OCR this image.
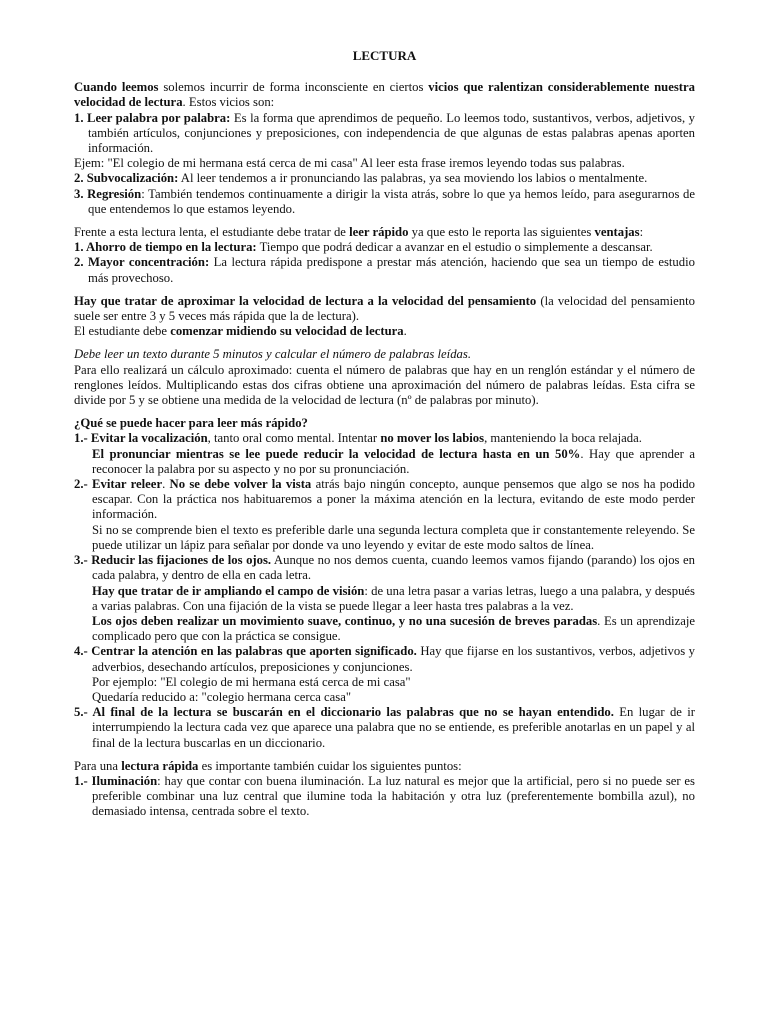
LECTURA

Cuando leemos solemos incurrir de forma inconsciente en ciertos vicios que ralentizan considerablemente nuestra velocidad de lectura. Estos vicios son:

1. Leer palabra por palabra: Es la forma que aprendimos de pequeño. Lo leemos todo, sustantivos, verbos, adjetivos, y también artículos, conjunciones y preposiciones, con independencia de que algunas de estas palabras apenas aporten información.

Ejem: "El colegio de mi hermana está cerca de mi casa" Al leer esta frase iremos leyendo todas sus palabras.

2. Subvocalización: Al leer tendemos a ir pronunciando las palabras, ya sea moviendo los labios o mentalmente.

3. Regresión: También tendemos continuamente a dirigir la vista atrás, sobre lo que ya hemos leído, para asegurarnos de que entendemos lo que estamos leyendo.

Frente a esta lectura lenta, el estudiante debe tratar de leer rápido ya que esto le reporta las siguientes ventajas:

1. Ahorro de tiempo en la lectura: Tiempo que podrá dedicar a avanzar en el estudio o simplemente a descansar.

2. Mayor concentración: La lectura rápida predispone a prestar más atención, haciendo que sea un tiempo de estudio más provechoso.

Hay que tratar de aproximar la velocidad de lectura a la velocidad del pensamiento (la velocidad del pensamiento suele ser entre 3 y 5 veces más rápida que la de lectura).

El estudiante debe comenzar midiendo su velocidad de lectura.

Debe leer un texto durante 5 minutos y calcular el número de palabras leídas.

Para ello realizará un cálculo aproximado: cuenta el número de palabras que hay en un renglón estándar y el número de renglones leídos. Multiplicando estas dos cifras obtiene una aproximación del número de palabras leídas. Esta cifra se divide por 5 y se obtiene una medida de la velocidad de lectura (nº de palabras por minuto).

¿Qué se puede hacer para leer más rápido?

1.- Evitar la vocalización, tanto oral como mental. Intentar no mover los labios, manteniendo la boca relajada.

El pronunciar mientras se lee puede reducir la velocidad de lectura hasta en un 50%. Hay que aprender a reconocer la palabra por su aspecto y no por su pronunciación.

2.- Evitar releer. No se debe volver la vista atrás bajo ningún concepto, aunque pensemos que algo se nos ha podido escapar. Con la práctica nos habituaremos a poner la máxima atención en la lectura, evitando de este modo perder información.

Si no se comprende bien el texto es preferible darle una segunda lectura completa que ir constantemente releyendo. Se puede utilizar un lápiz para señalar por donde va uno leyendo y evitar de este modo saltos de línea.

3.- Reducir las fijaciones de los ojos. Aunque no nos demos cuenta, cuando leemos vamos fijando (parando) los ojos en cada palabra, y dentro de ella en cada letra.

Hay que tratar de ir ampliando el campo de visión: de una letra pasar a varias letras, luego a una palabra, y después a varias palabras. Con una fijación de la vista se puede llegar a leer hasta tres palabras a la vez.

Los ojos deben realizar un movimiento suave, continuo, y no una sucesión de breves paradas. Es un aprendizaje complicado pero que con la práctica se consigue.

4.- Centrar la atención en las palabras que aporten significado. Hay que fijarse en los sustantivos, verbos, adjetivos y adverbios, desechando artículos, preposiciones y conjunciones.

Por ejemplo: "El colegio de mi hermana está cerca de mi casa"

Quedaría reducido a: "colegio hermana cerca casa"

5.- Al final de la lectura se buscarán en el diccionario las palabras que no se hayan entendido. En lugar de ir interrumpiendo la lectura cada vez que aparece una palabra que no se entiende, es preferible anotarlas en un papel y al final de la lectura buscarlas en un diccionario.

Para una lectura rápida es importante también cuidar los siguientes puntos:

1.- Iluminación: hay que contar con buena iluminación. La luz natural es mejor que la artificial, pero si no puede ser es preferible combinar una luz central que ilumine toda la habitación y otra luz (preferentemente bombilla azul), no demasiado intensa, centrada sobre el texto.
